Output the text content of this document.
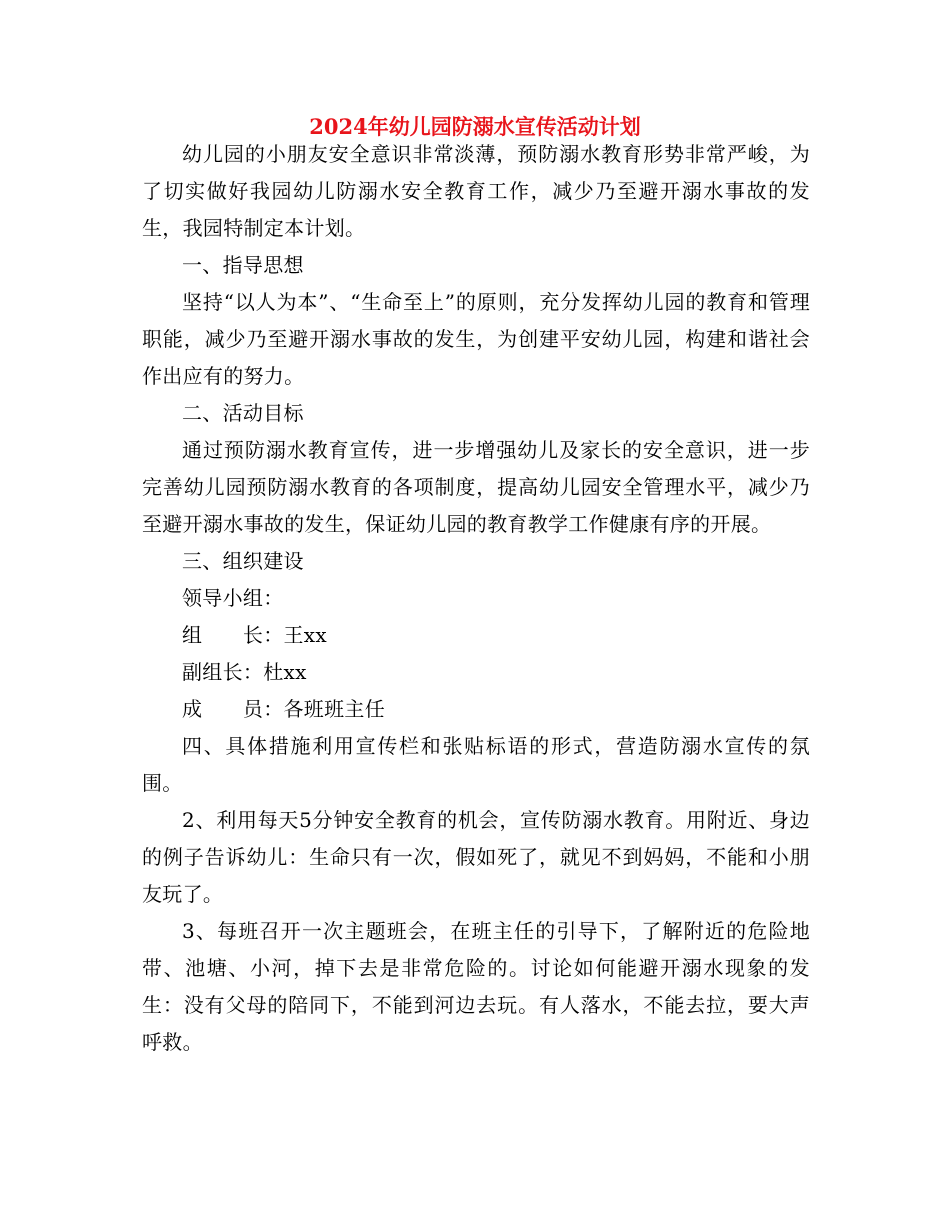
2024年幼儿园防溺水宣传活动计划

幼儿园的小朋友安全意识非常淡薄，预防溺水教育形势非常严峻，为了切实做好我园幼儿防溺水安全教育工作，减少乃至避开溺水事故的发生，我园特制定本计划。

一、指导思想

坚持“以人为本”、“生命至上”的原则，充分发挥幼儿园的教育和管理职能，减少乃至避开溺水事故的发生，为创建平安幼儿园，构建和谐社会作出应有的努力。

二、活动目标

通过预防溺水教育宣传，进一步增强幼儿及家长的安全意识，进一步完善幼儿园预防溺水教育的各项制度，提高幼儿园安全管理水平，减少乃至避开溺水事故的发生，保证幼儿园的教育教学工作健康有序的开展。

三、组织建设

领导小组：

组　　长：王xx

副组长：杜xx

成　　员：各班班主任

四、具体措施利用宣传栏和张贴标语的形式，营造防溺水宣传的氛围。

2、利用每天5分钟安全教育的机会，宣传防溺水教育。用附近、身边的例子告诉幼儿：生命只有一次，假如死了，就见不到妈妈，不能和小朋友玩了。

3、每班召开一次主题班会，在班主任的引导下，了解附近的危险地带、池塘、小河，掉下去是非常危险的。讨论如何能避开溺水现象的发生：没有父母的陪同下，不能到河边去玩。有人落水，不能去拉，要大声呼救。
